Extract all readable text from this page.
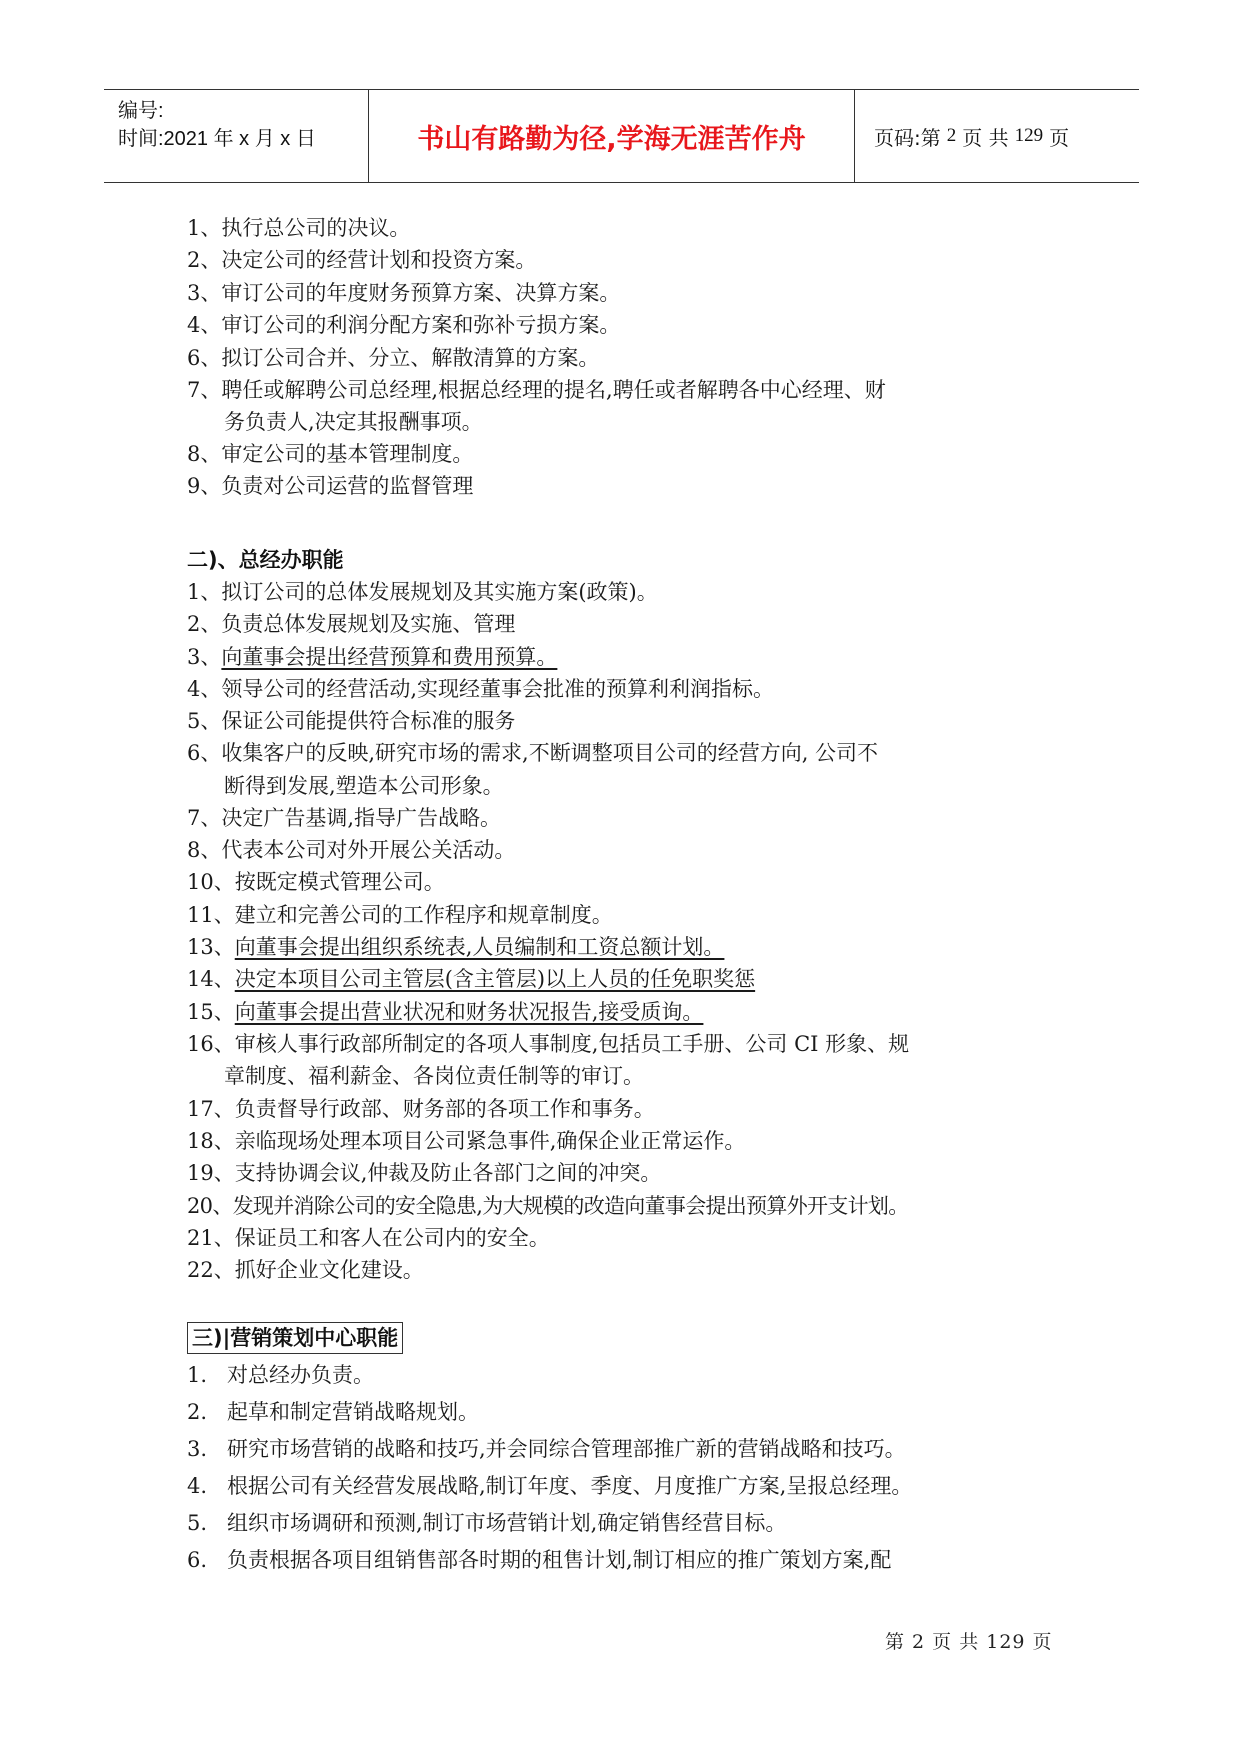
编号:
时间:2021 年 x 月 x 日	书山有路勤为径,学海无涯苦作舟	页码:第 2 页 共 129 页
1、执行总公司的决议。
2、决定公司的经营计划和投资方案。
3、审订公司的年度财务预算方案、决算方案。
4、审订公司的利润分配方案和弥补亏损方案。
6、拟订公司合并、分立、解散清算的方案。
7、聘任或解聘公司总经理,根据总经理的提名,聘任或者解聘各中心经理、财
务负责人,决定其报酬事项。
8、审定公司的基本管理制度。
9、负责对公司运营的监督管理
二)、总经办职能
1、拟订公司的总体发展规划及其实施方案(政策)。
2、负责总体发展规划及实施、管理
3、向董事会提出经营预算和费用预算。
4、领导公司的经营活动,实现经董事会批准的预算利利润指标。
5、保证公司能提供符合标准的服务
6、收集客户的反映,研究市场的需求,不断调整项目公司的经营方向, 公司不
断得到发展,塑造本公司形象。
7、决定广告基调,指导广告战略。
8、代表本公司对外开展公关活动。
10、按既定模式管理公司。
11、建立和完善公司的工作程序和规章制度。
13、向董事会提出组织系统表,人员编制和工资总额计划。
14、决定本项目公司主管层(含主管层)以上人员的任免职奖惩
15、向董事会提出营业状况和财务状况报告,接受质询。
16、审核人事行政部所制定的各项人事制度,包括员工手册、公司 CI 形象、规
章制度、福利薪金、各岗位责任制等的审订。
17、负责督导行政部、财务部的各项工作和事务。
18、亲临现场处理本项目公司紧急事件,确保企业正常运作。
19、支持协调会议,仲裁及防止各部门之间的冲突。
20、发现并消除公司的安全隐患,为大规模的改造向董事会提出预算外开支计划。
21、保证员工和客人在公司内的安全。
22、抓好企业文化建设。
三)|营销策划中心职能
1. 对总经办负责。
2. 起草和制定营销战略规划。
3. 研究市场营销的战略和技巧,并会同综合管理部推广新的营销战略和技巧。
4. 根据公司有关经营发展战略,制订年度、季度、月度推广方案,呈报总经理。
5. 组织市场调研和预测,制订市场营销计划,确定销售经营目标。
6. 负责根据各项目组销售部各时期的租售计划,制订相应的推广策划方案,配
第 2 页 共 129 页
